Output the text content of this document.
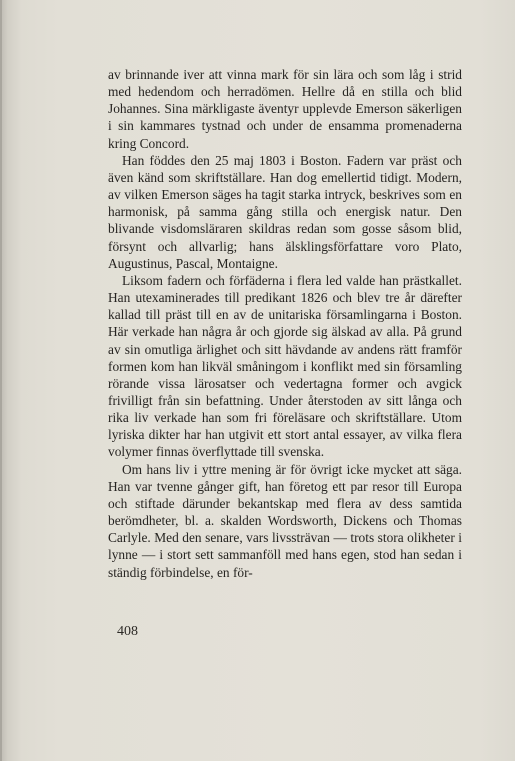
av brinnande iver att vinna mark för sin lära och som låg i strid med hedendom och herradömen. Hellre då en stilla och blid Johannes. Sina märkligaste äventyr upplevde Emerson säkerligen i sin kammares tystnad och under de ensamma promenaderna kring Concord.

Han föddes den 25 maj 1803 i Boston. Fadern var präst och även känd som skriftställare. Han dog emellertid tidigt. Modern, av vilken Emerson säges ha tagit starka intryck, beskrives som en harmonisk, på samma gång stilla och energisk natur. Den blivande visdomsläraren skildras redan som gosse såsom blid, försynt och allvarlig; hans älsklingsförfattare voro Plato, Augustinus, Pascal, Montaigne.

Liksom fadern och förfäderna i flera led valde han prästkallet. Han utexaminerades till predikant 1826 och blev tre år därefter kallad till präst till en av de unitariska församlingarna i Boston. Här verkade han några år och gjorde sig älskad av alla. På grund av sin omutliga ärlighet och sitt hävdande av andens rätt framför formen kom han likväl småningom i konflikt med sin församling rörande vissa lärosatser och vedertagna former och avgick frivilligt från sin befattning. Under återstoden av sitt långa och rika liv verkade han som fri föreläsare och skriftställare. Utom lyriska dikter har han utgivit ett stort antal essayer, av vilka flera volymer finnas överflyttade till svenska.

Om hans liv i yttre mening är för övrigt icke mycket att säga. Han var tvenne gånger gift, han företog ett par resor till Europa och stiftade därunder bekantskap med flera av dess samtida berömdheter, bl. a. skalden Wordsworth, Dickens och Thomas Carlyle. Med den senare, vars livssträvan — trots stora olikheter i lynne — i stort sett sammanföll med hans egen, stod han sedan i ständig förbindelse, en för-

408
